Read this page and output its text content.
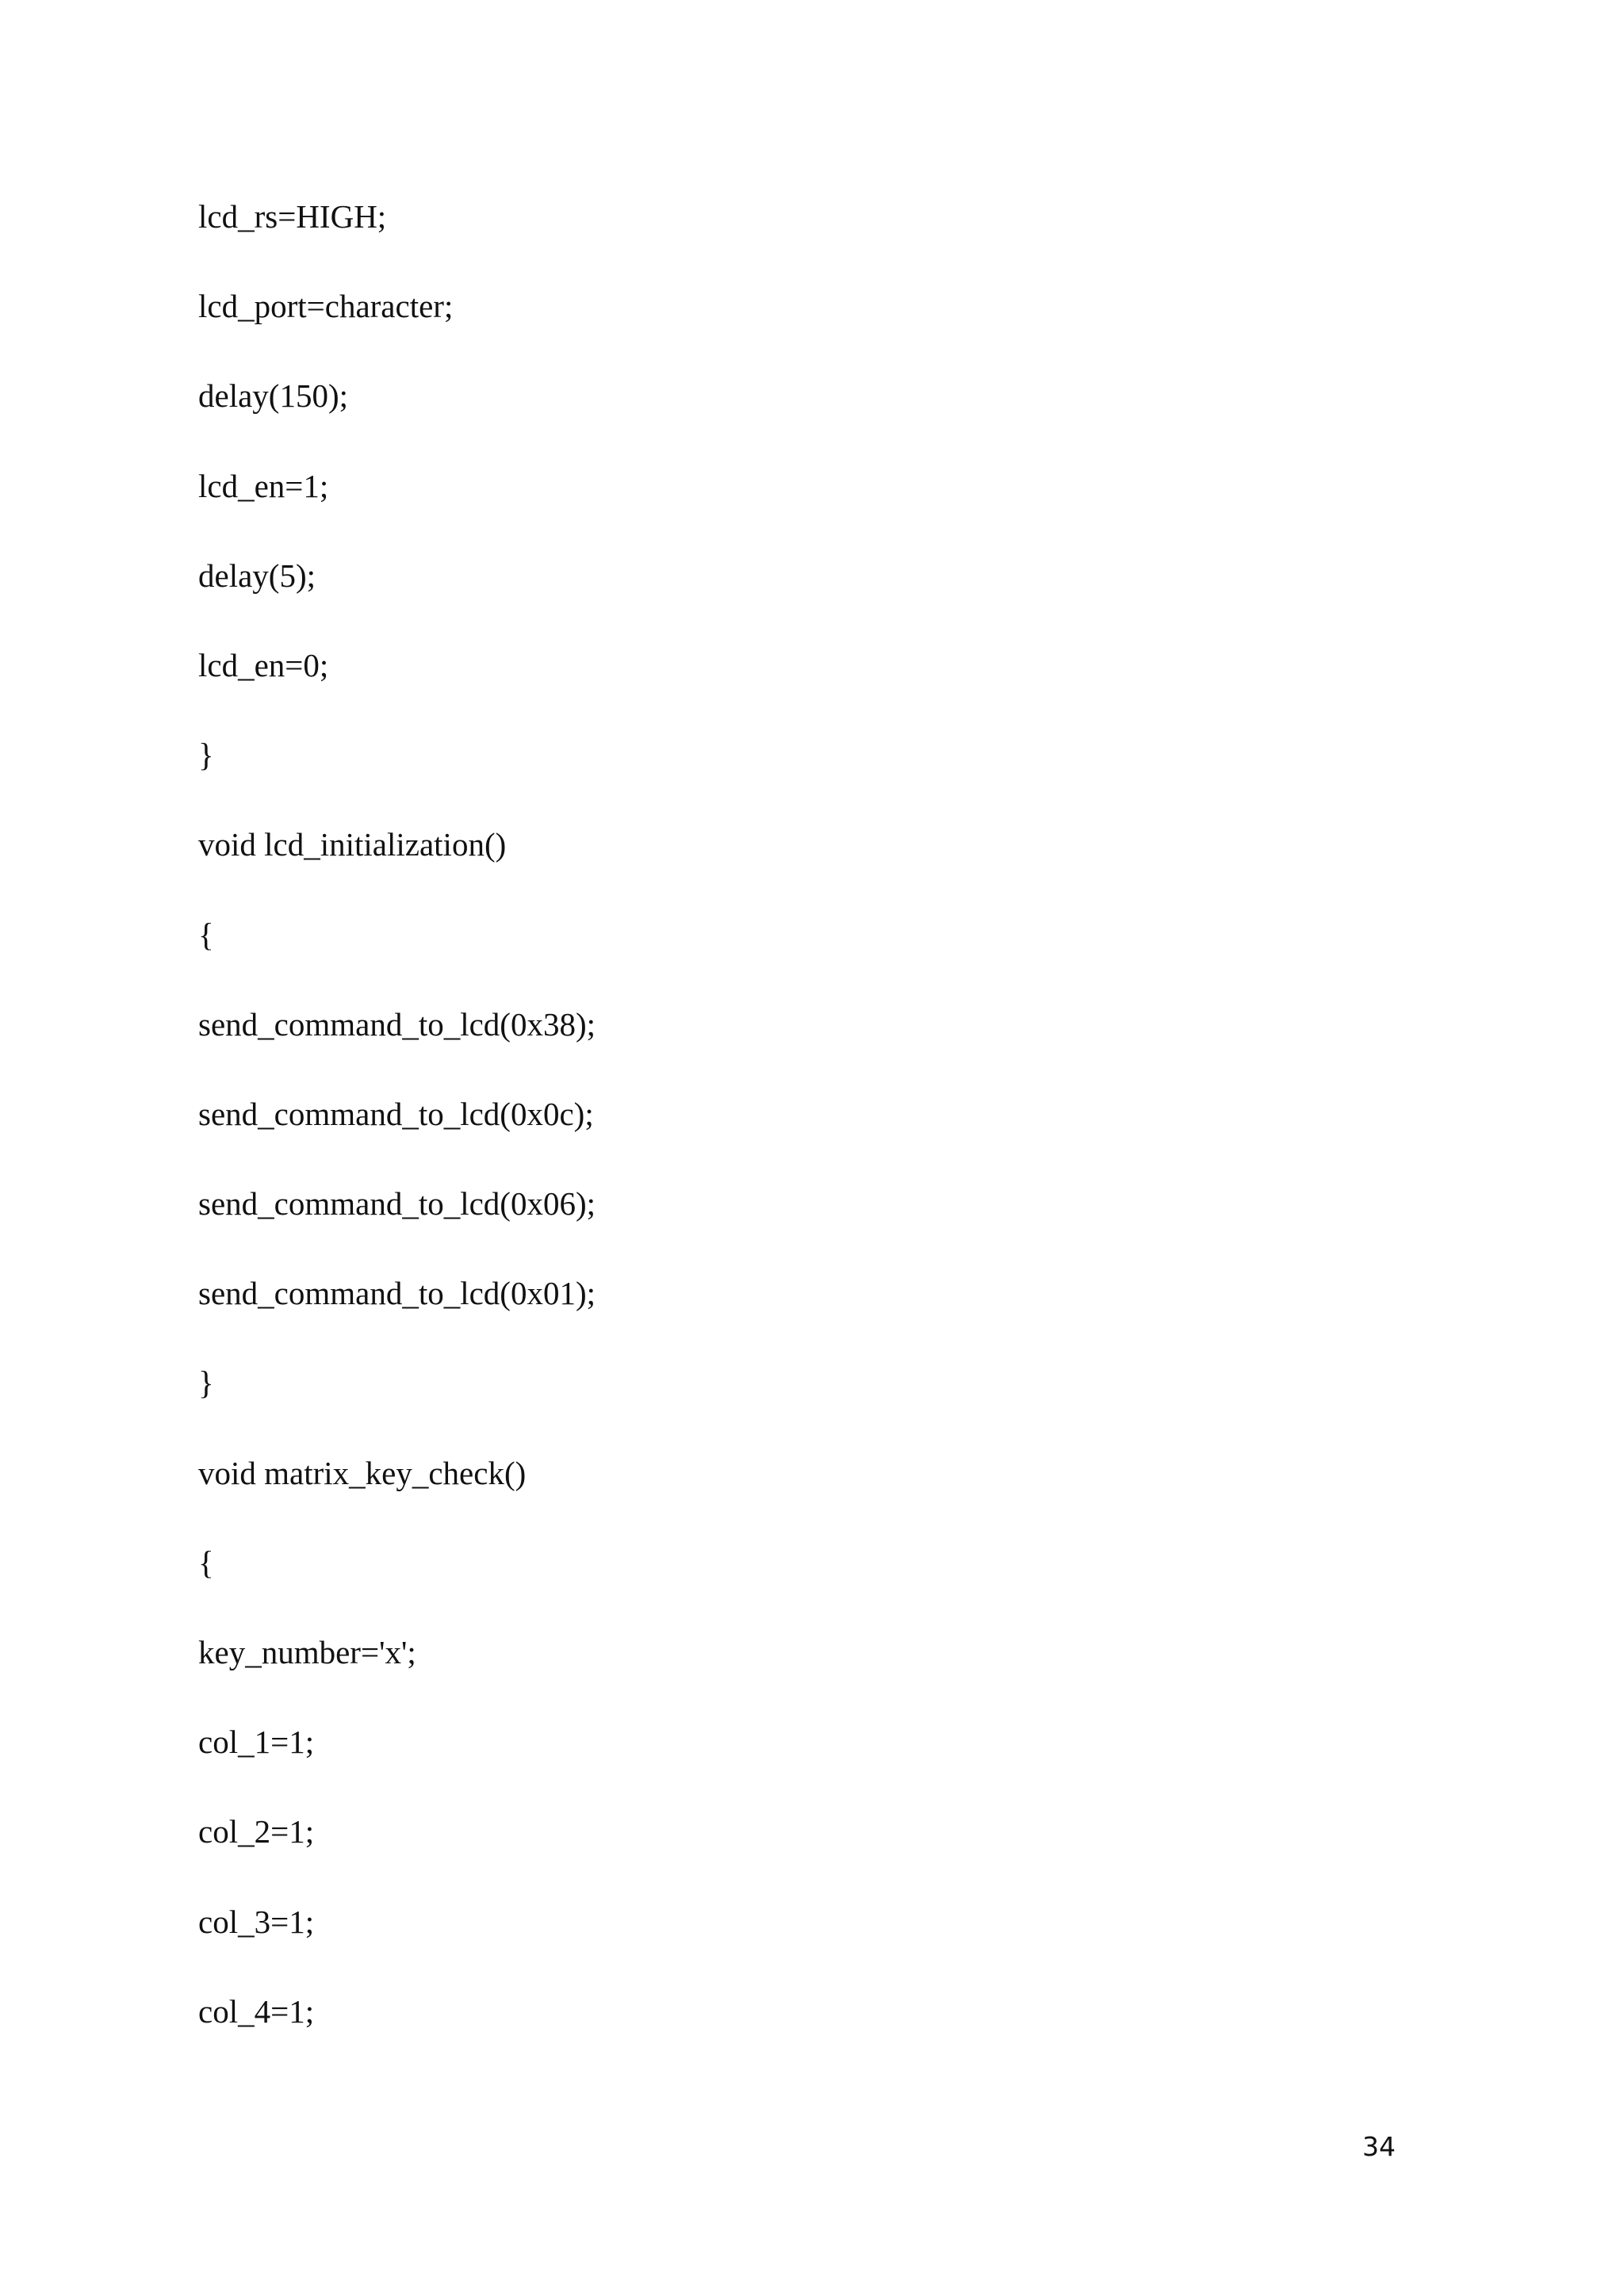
lcd_rs=HIGH;
lcd_port=character;
delay(150);
lcd_en=1;
delay(5);
lcd_en=0;
}
void lcd_initialization()
{
send_command_to_lcd(0x38);
send_command_to_lcd(0x0c);
send_command_to_lcd(0x06);
send_command_to_lcd(0x01);
}
void matrix_key_check()
{
key_number='x';
col_1=1;
col_2=1;
col_3=1;
col_4=1;
34
